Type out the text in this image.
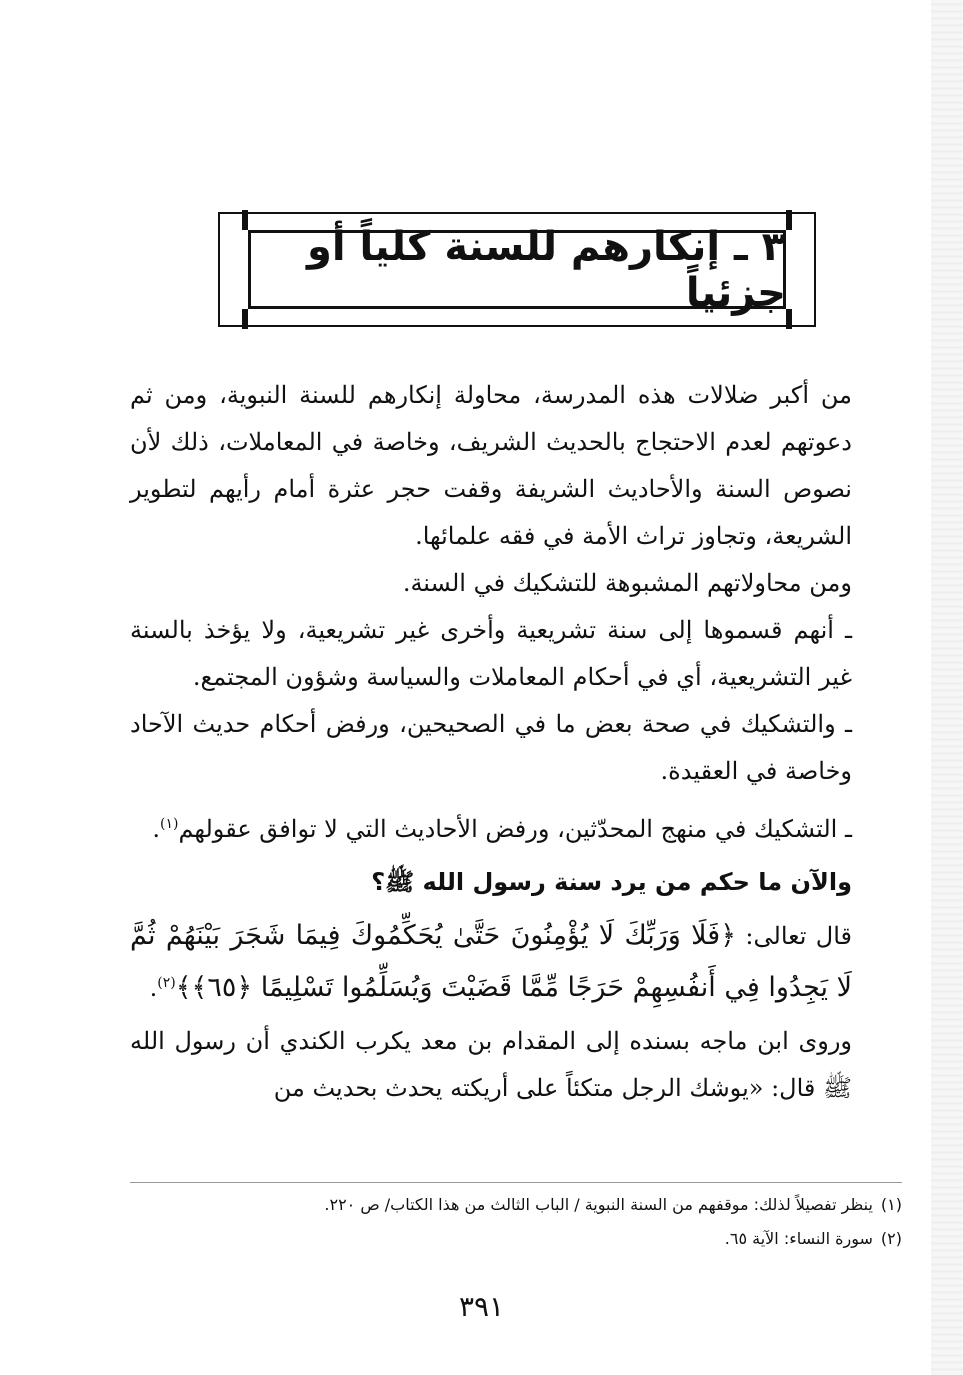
٣ ـ إنكارهم للسنة كلياً أو جزئياً

من أكبر ضلالات هذه المدرسة، محاولة إنكارهم للسنة النبوية، ومن ثم دعوتهم لعدم الاحتجاج بالحديث الشريف، وخاصة في المعاملات، ذلك لأن نصوص السنة والأحاديث الشريفة وقفت حجر عثرة أمام رأيهم لتطوير الشريعة، وتجاوز تراث الأمة في فقه علمائها.

ومن محاولاتهم المشبوهة للتشكيك في السنة.

ـ أنهم قسموها إلى سنة تشريعية وأخرى غير تشريعية، ولا يؤخذ بالسنة غير التشريعية، أي في أحكام المعاملات والسياسة وشؤون المجتمع.

ـ والتشكيك في صحة بعض ما في الصحيحين، ورفض أحكام حديث الآحاد وخاصة في العقيدة.

ـ التشكيك في منهج المحدّثين، ورفض الأحاديث التي لا توافق عقولهم$^{(١)}$.

والآن ما حكم من يرد سنة رسول الله ﷺ؟

قال تعالى: ﴿فَلَا وَرَبِّكَ لَا يُؤْمِنُونَ حَتَّىٰ يُحَكِّمُوكَ فِيمَا شَجَرَ بَيْنَهُمْ ثُمَّ لَا يَجِدُوا فِي أَنفُسِهِمْ حَرَجًا مِّمَّا قَضَيْتَ وَيُسَلِّمُوا تَسْلِيمًا ﴿٦٥﴾﴾$^{(٢)}$.

وروى ابن ماجه بسنده إلى المقدام بن معد يكرب الكندي أن رسول الله ﷺ قال: «يوشك الرجل متكئاً على أريكته يحدث بحديث من

(١)ينظر تفصيلاً لذلك: موقفهم من السنة النبوية / الباب الثالث من هذا الكتاب/ ص ٢٢٠.

(٢)سورة النساء: الآية ٦٥.

٣٩١
